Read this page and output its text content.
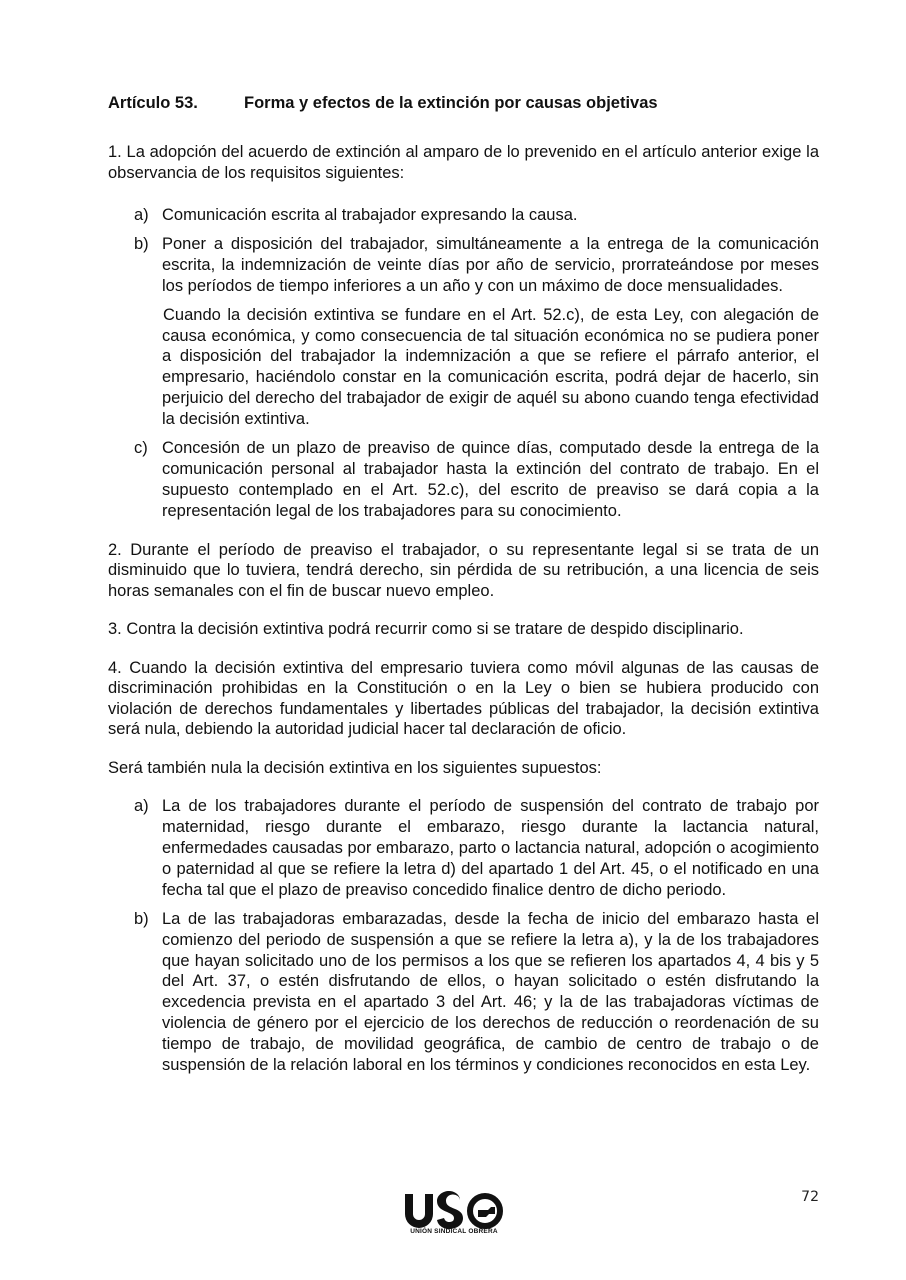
Artículo 53.	Forma y efectos de la extinción por causas objetivas

1. La adopción del acuerdo de extinción al amparo de lo prevenido en el artículo anterior exige la observancia de los requisitos siguientes:

a) Comunicación escrita al trabajador expresando la causa.
b) Poner a disposición del trabajador, simultáneamente a la entrega de la comunicación escrita, la indemnización de veinte días por año de servicio, prorrateándose por meses los períodos de tiempo inferiores a un año y con un máximo de doce mensualidades.
Cuando la decisión extintiva se fundare en el Art. 52.c), de esta Ley, con alegación de causa económica, y como consecuencia de tal situación económica no se pudiera poner a disposición del trabajador la indemnización a que se refiere el párrafo anterior, el empresario, haciéndolo constar en la comunicación escrita, podrá dejar de hacerlo, sin perjuicio del derecho del trabajador de exigir de aquél su abono cuando tenga efectividad la decisión extintiva.
c) Concesión de un plazo de preaviso de quince días, computado desde la entrega de la comunicación personal al trabajador hasta la extinción del contrato de trabajo. En el supuesto contemplado en el Art. 52.c), del escrito de preaviso se dará copia a la representación legal de los trabajadores para su conocimiento.

2. Durante el período de preaviso el trabajador, o su representante legal si se trata de un disminuido que lo tuviera, tendrá derecho, sin pérdida de su retribución, a una licencia de seis horas semanales con el fin de buscar nuevo empleo.

3. Contra la decisión extintiva podrá recurrir como si se tratare de despido disciplinario.

4. Cuando la decisión extintiva del empresario tuviera como móvil algunas de las causas de discriminación prohibidas en la Constitución o en la Ley o bien se hubiera producido con violación de derechos fundamentales y libertades públicas del trabajador, la decisión extintiva será nula, debiendo la autoridad judicial hacer tal declaración de oficio.

Será también nula la decisión extintiva en los siguientes supuestos:

a) La de los trabajadores durante el período de suspensión del contrato de trabajo por maternidad, riesgo durante el embarazo, riesgo durante la lactancia natural, enfermedades causadas por embarazo, parto o lactancia natural, adopción o acogimiento o paternidad al que se refiere la letra d) del apartado 1 del Art. 45, o el notificado en una fecha tal que el plazo de preaviso concedido finalice dentro de dicho periodo.
b) La de las trabajadoras embarazadas, desde la fecha de inicio del embarazo hasta el comienzo del periodo de suspensión a que se refiere la letra a), y la de los trabajadores que hayan solicitado uno de los permisos a los que se refieren los apartados 4, 4 bis y 5 del Art. 37, o estén disfrutando de ellos, o hayan solicitado o estén disfrutando la excedencia prevista en el apartado 3 del Art. 46; y la de las trabajadoras víctimas de violencia de género por el ejercicio de los derechos de reducción o reordenación de su tiempo de trabajo, de movilidad geográfica, de cambio de centro de trabajo o de suspensión de la relación laboral en los términos y condiciones reconocidos en esta Ley.
72
UNIÓN SINDICAL OBRERA
